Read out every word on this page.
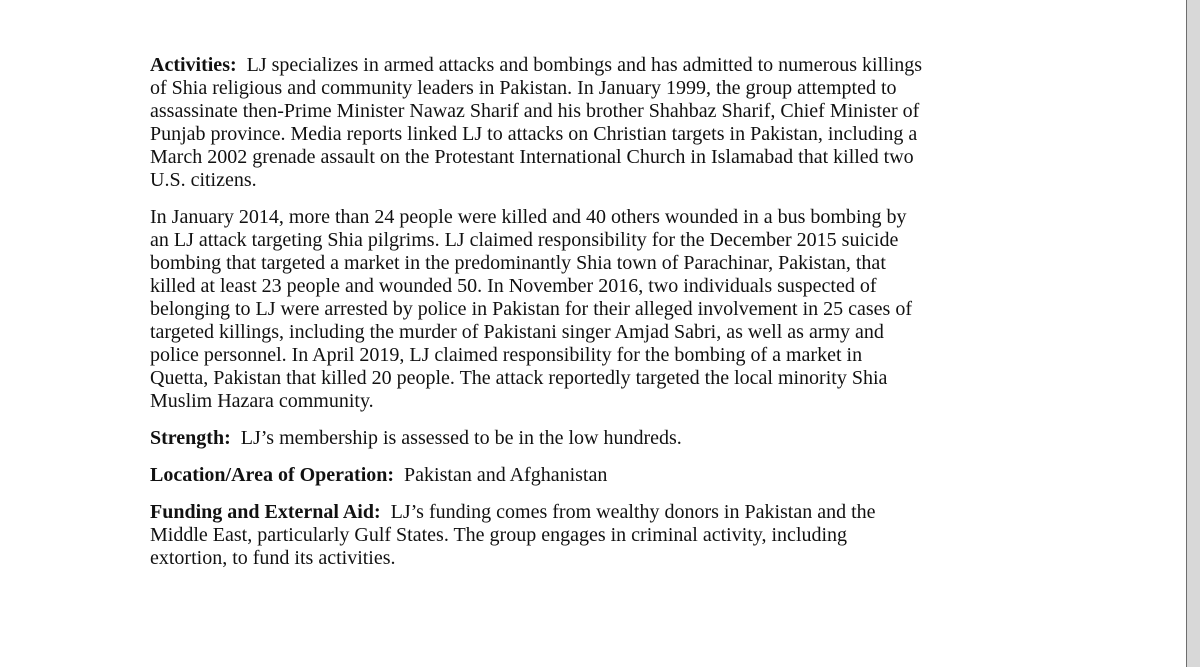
Activities: LJ specializes in armed attacks and bombings and has admitted to numerous killings
of Shia religious and community leaders in Pakistan. In January 1999, the group attempted to
assassinate then-Prime Minister Nawaz Sharif and his brother Shahbaz Sharif, Chief Minister of
Punjab province. Media reports linked LJ to attacks on Christian targets in Pakistan, including a
March 2002 grenade assault on the Protestant International Church in Islamabad that killed two
U.S. citizens.

In January 2014, more than 24 people were killed and 40 others wounded in a bus bombing by
an LJ attack targeting Shia pilgrims. LJ claimed responsibility for the December 2015 suicide
bombing that targeted a market in the predominantly Shia town of Parachinar, Pakistan, that
killed at least 23 people and wounded 50. In November 2016, two individuals suspected of
belonging to LJ were arrested by police in Pakistan for their alleged involvement in 25 cases of
targeted killings, including the murder of Pakistani singer Amjad Sabri, as well as army and
police personnel. In April 2019, LJ claimed responsibility for the bombing of a market in
Quetta, Pakistan that killed 20 people. The attack reportedly targeted the local minority Shia
Muslim Hazara community.

Strength: LJ’s membership is assessed to be in the low hundreds.

Location/Area of Operation: Pakistan and Afghanistan

Funding and External Aid: LJ’s funding comes from wealthy donors in Pakistan and the
Middle East, particularly Gulf States. The group engages in criminal activity, including
extortion, to fund its activities.
